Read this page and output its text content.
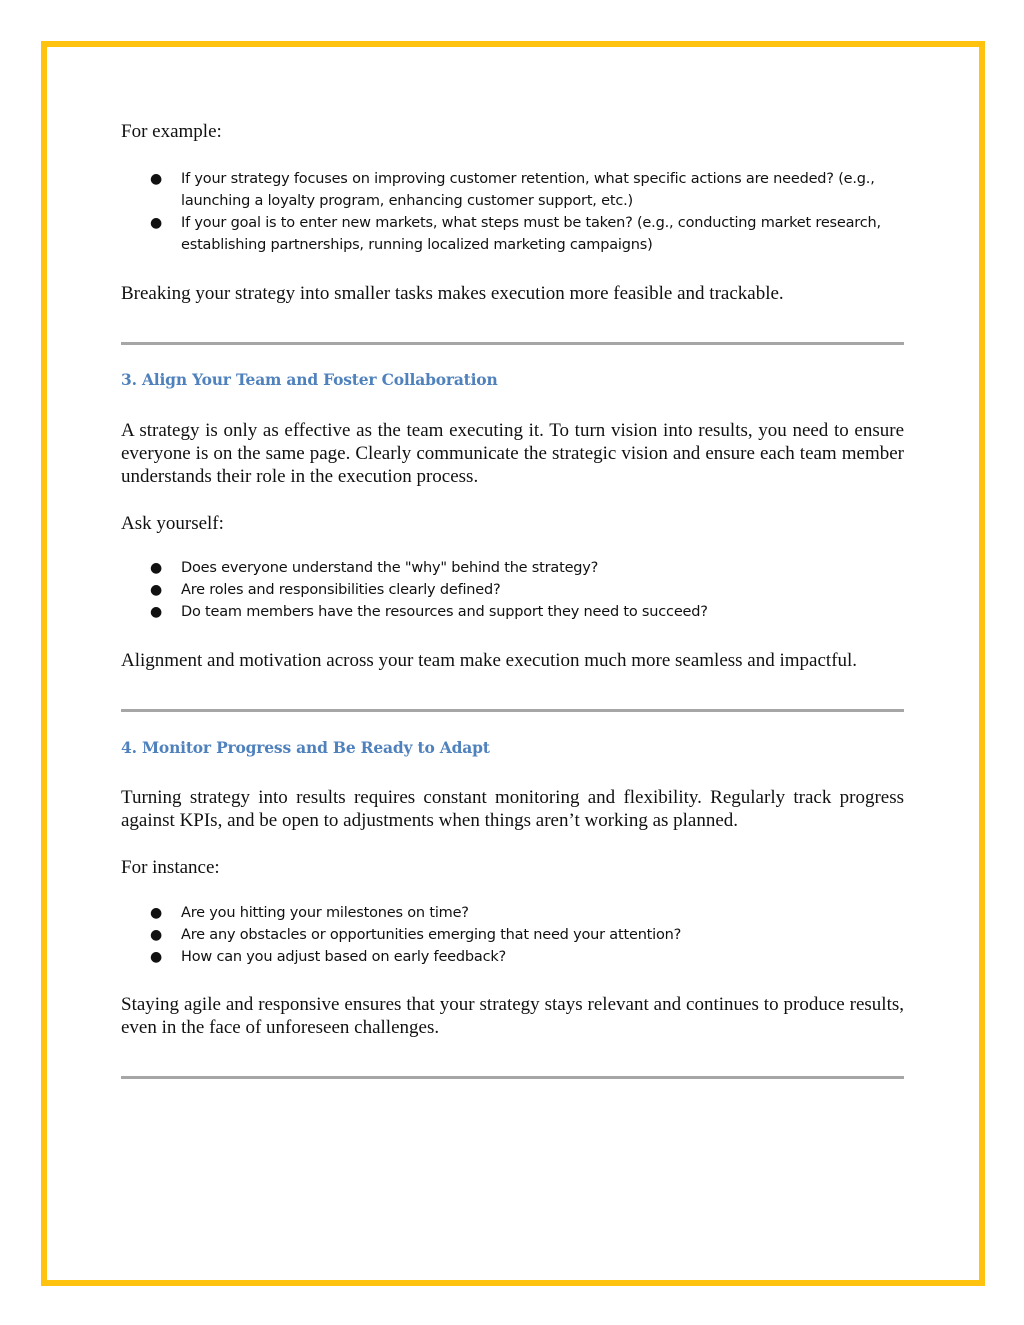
For example:
● If your strategy focuses on improving customer retention, what specific actions are needed? (e.g., launching a loyalty program, enhancing customer support, etc.)
● If your goal is to enter new markets, what steps must be taken? (e.g., conducting market research, establishing partnerships, running localized marketing campaigns)
Breaking your strategy into smaller tasks makes execution more feasible and trackable.
3. Align Your Team and Foster Collaboration
A strategy is only as effective as the team executing it. To turn vision into results, you need to ensure everyone is on the same page. Clearly communicate the strategic vision and ensure each team member understands their role in the execution process.
Ask yourself:
● Does everyone understand the "why" behind the strategy?
● Are roles and responsibilities clearly defined?
● Do team members have the resources and support they need to succeed?
Alignment and motivation across your team make execution much more seamless and impactful.
4. Monitor Progress and Be Ready to Adapt
Turning strategy into results requires constant monitoring and flexibility. Regularly track progress against KPIs, and be open to adjustments when things aren’t working as planned.
For instance:
● Are you hitting your milestones on time?
● Are any obstacles or opportunities emerging that need your attention?
● How can you adjust based on early feedback?
Staying agile and responsive ensures that your strategy stays relevant and continues to produce results, even in the face of unforeseen challenges.
